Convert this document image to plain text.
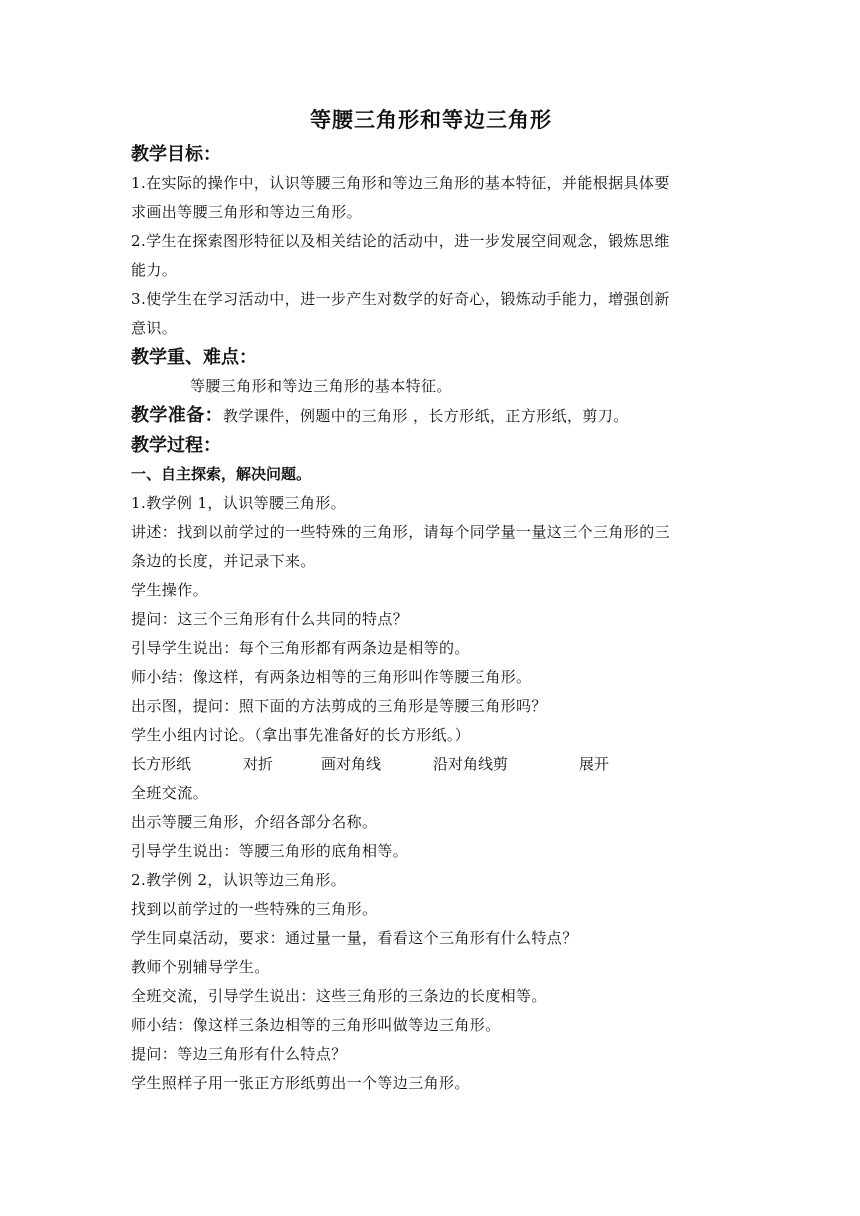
等腰三角形和等边三角形

教学目标：

1.在实际的操作中，认识等腰三角形和等边三角形的基本特征，并能根据具体要

求画出等腰三角形和等边三角形。

2.学生在探索图形特征以及相关结论的活动中，进一步发展空间观念，锻炼思维

能力。

3.使学生在学习活动中，进一步产生对数学的好奇心，锻炼动手能力，增强创新

意识。

教学重、难点：

等腰三角形和等边三角形的基本特征。

教学准备：教学课件，例题中的三角形 ，长方形纸，正方形纸，剪刀。

教学过程：

一、自主探索，解决问题。

1.教学例 1，认识等腰三角形。

讲述：找到以前学过的一些特殊的三角形，请每个同学量一量这三个三角形的三

条边的长度，并记录下来。

学生操作。

提问：这三个三角形有什么共同的特点？

引导学生说出：每个三角形都有两条边是相等的。

师小结：像这样，有两条边相等的三角形叫作等腰三角形。

出示图，提问：照下面的方法剪成的三角形是等腰三角形吗？

学生小组内讨论。（拿出事先准备好的长方形纸。）

长方形纸	对折	画对角线	沿对角线剪	展开

全班交流。

出示等腰三角形，介绍各部分名称。

引导学生说出：等腰三角形的底角相等。

2.教学例 2，认识等边三角形。

找到以前学过的一些特殊的三角形。

学生同桌活动，要求：通过量一量，看看这个三角形有什么特点？

教师个别辅导学生。

全班交流，引导学生说出：这些三角形的三条边的长度相等。

师小结：像这样三条边相等的三角形叫做等边三角形。

提问：等边三角形有什么特点？

学生照样子用一张正方形纸剪出一个等边三角形。
